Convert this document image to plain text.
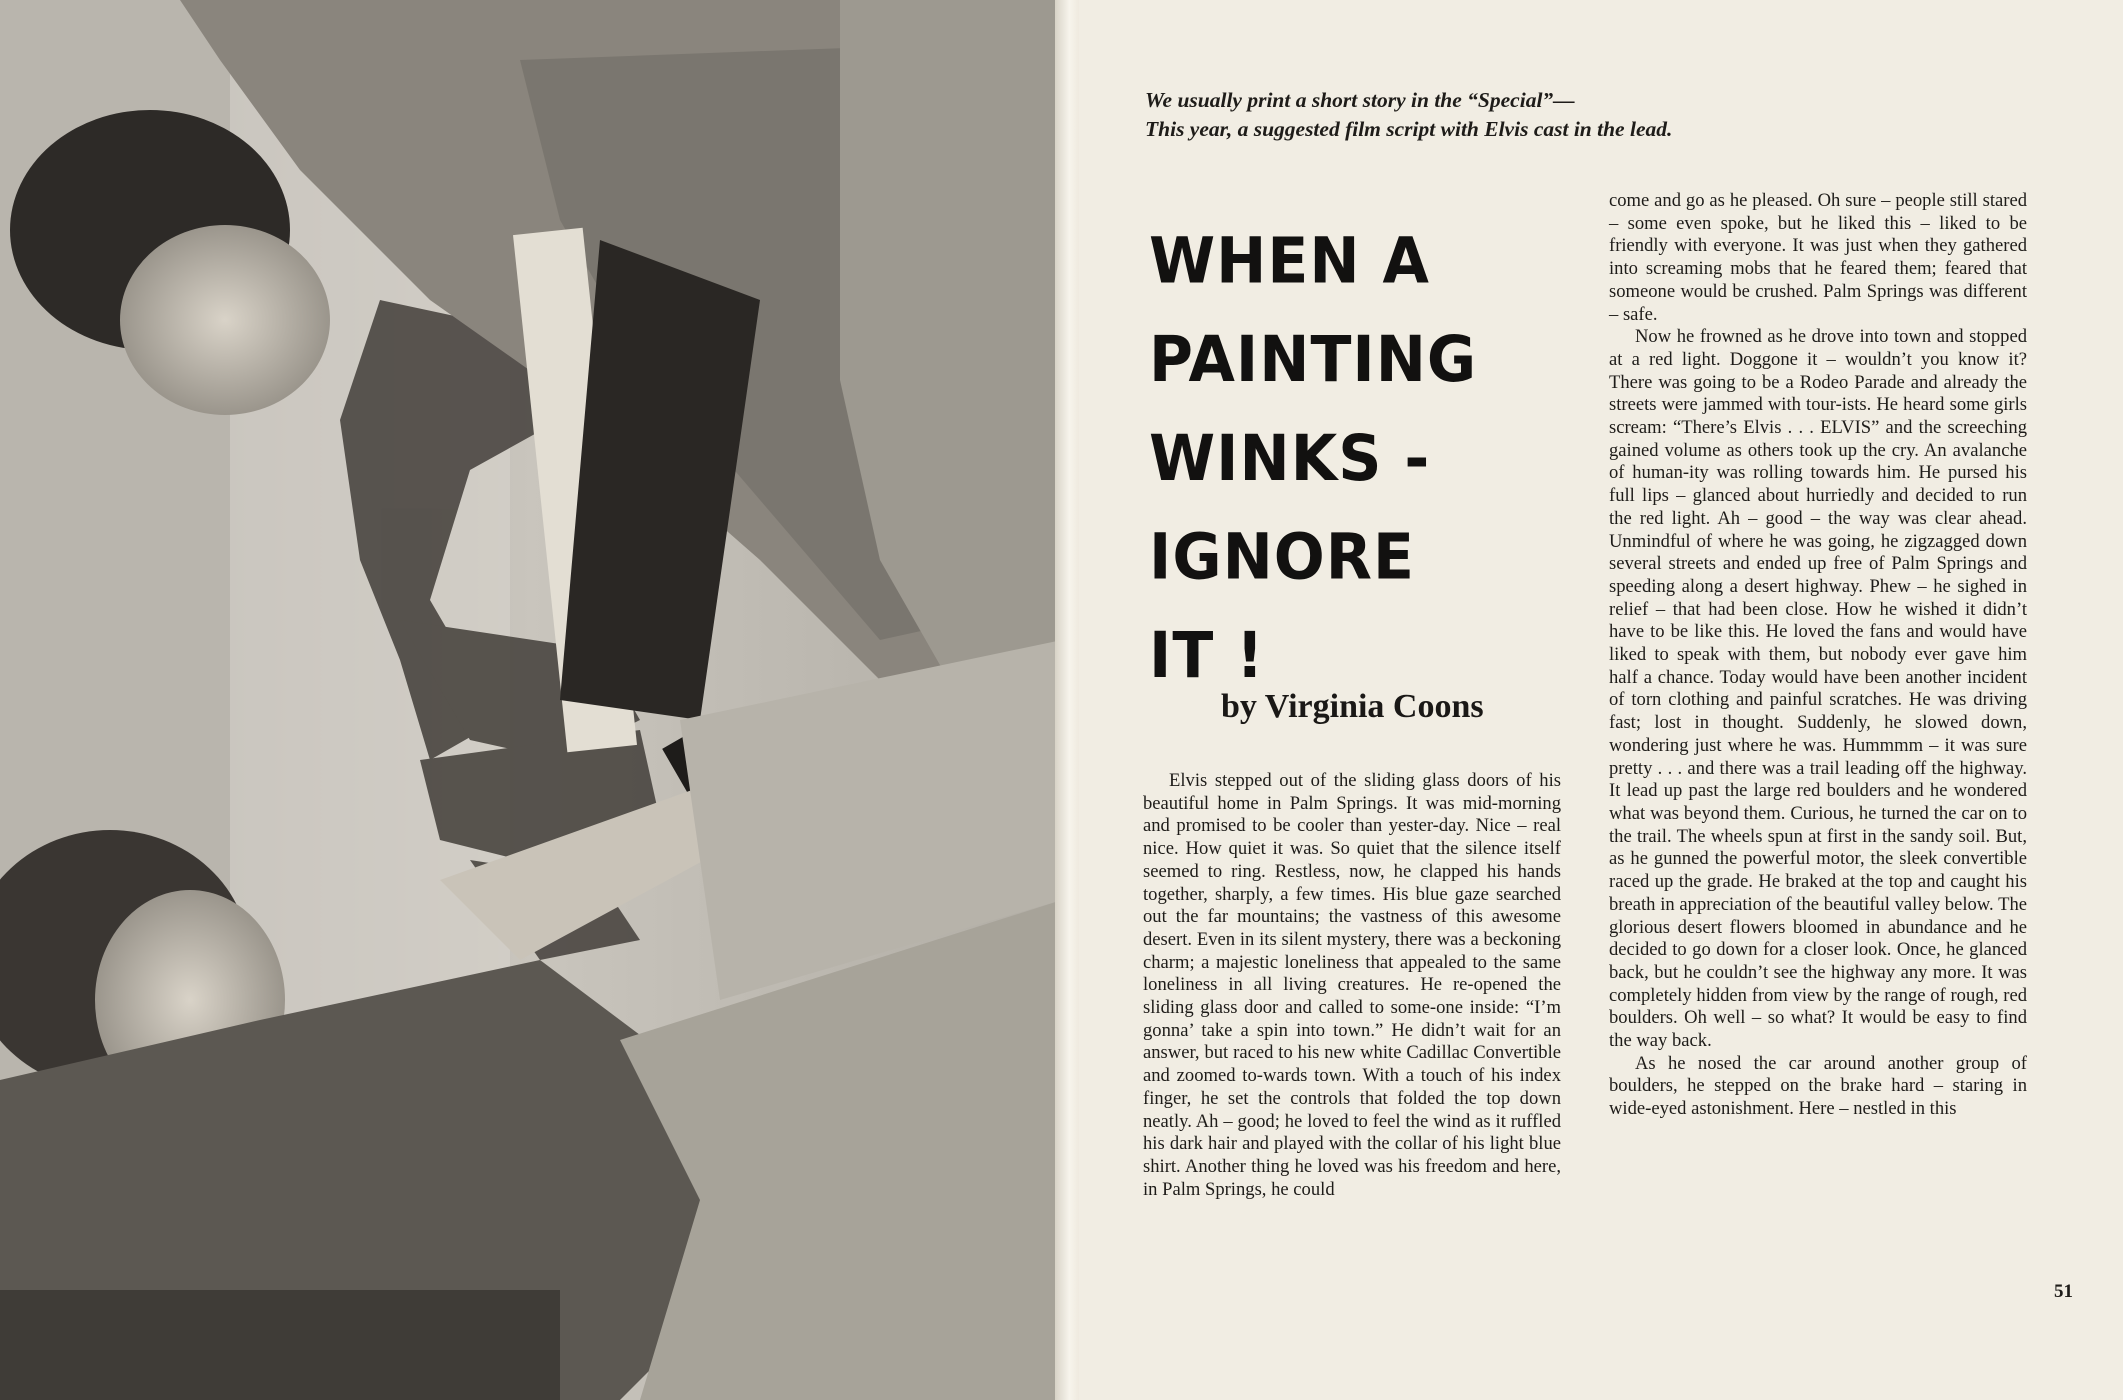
We usually print a short story in the “Special”—
This year, a suggested film script with Elvis cast in the lead.
WHEN A
PAINTING
WINKS -
IGNORE
IT !
by Virginia Coons

Elvis stepped out of the sliding glass doors of his beautiful home in Palm Springs. It was mid-morning and promised to be cooler than yester-day. Nice – real nice. How quiet it was. So quiet that the silence itself seemed to ring. Restless, now, he clapped his hands together, sharply, a few times. His blue gaze searched out the far mountains; the vastness of this awesome desert. Even in its silent mystery, there was a beckoning charm; a majestic loneliness that appealed to the same loneliness in all living creatures. He re-opened the sliding glass door and called to some-one inside: “I’m gonna’ take a spin into town.” He didn’t wait for an answer, but raced to his new white Cadillac Convertible and zoomed to-wards town. With a touch of his index finger, he set the controls that folded the top down neatly. Ah – good; he loved to feel the wind as it ruffled his dark hair and played with the collar of his light blue shirt. Another thing he loved was his freedom and here, in Palm Springs, he could

come and go as he pleased. Oh sure – people still stared – some even spoke, but he liked this – liked to be friendly with everyone. It was just when they gathered into screaming mobs that he feared them; feared that someone would be crushed. Palm Springs was different – safe.

Now he frowned as he drove into town and stopped at a red light. Doggone it – wouldn’t you know it? There was going to be a Rodeo Parade and already the streets were jammed with tour-ists. He heard some girls scream: “There’s Elvis . . . ELVIS” and the screeching gained volume as others took up the cry. An avalanche of human-ity was rolling towards him. He pursed his full lips – glanced about hurriedly and decided to run the red light. Ah – good – the way was clear ahead. Unmindful of where he was going, he zigzagged down several streets and ended up free of Palm Springs and speeding along a desert highway. Phew – he sighed in relief – that had been close. How he wished it didn’t have to be like this. He loved the fans and would have liked to speak with them, but nobody ever gave him half a chance. Today would have been another incident of torn clothing and painful scratches. He was driving fast; lost in thought. Suddenly, he slowed down, wondering just where he was. Hummmm – it was sure pretty . . . and there was a trail leading off the highway. It lead up past the large red boulders and he wondered what was beyond them. Curious, he turned the car on to the trail. The wheels spun at first in the sandy soil. But, as he gunned the powerful motor, the sleek convertible raced up the grade. He braked at the top and caught his breath in appreciation of the beautiful valley below. The glorious desert flowers bloomed in abundance and he decided to go down for a closer look. Once, he glanced back, but he couldn’t see the highway any more. It was completely hidden from view by the range of rough, red boulders. Oh well – so what? It would be easy to find the way back.

As he nosed the car around another group of boulders, he stepped on the brake hard – staring in wide-eyed astonishment. Here – nestled in this

51
